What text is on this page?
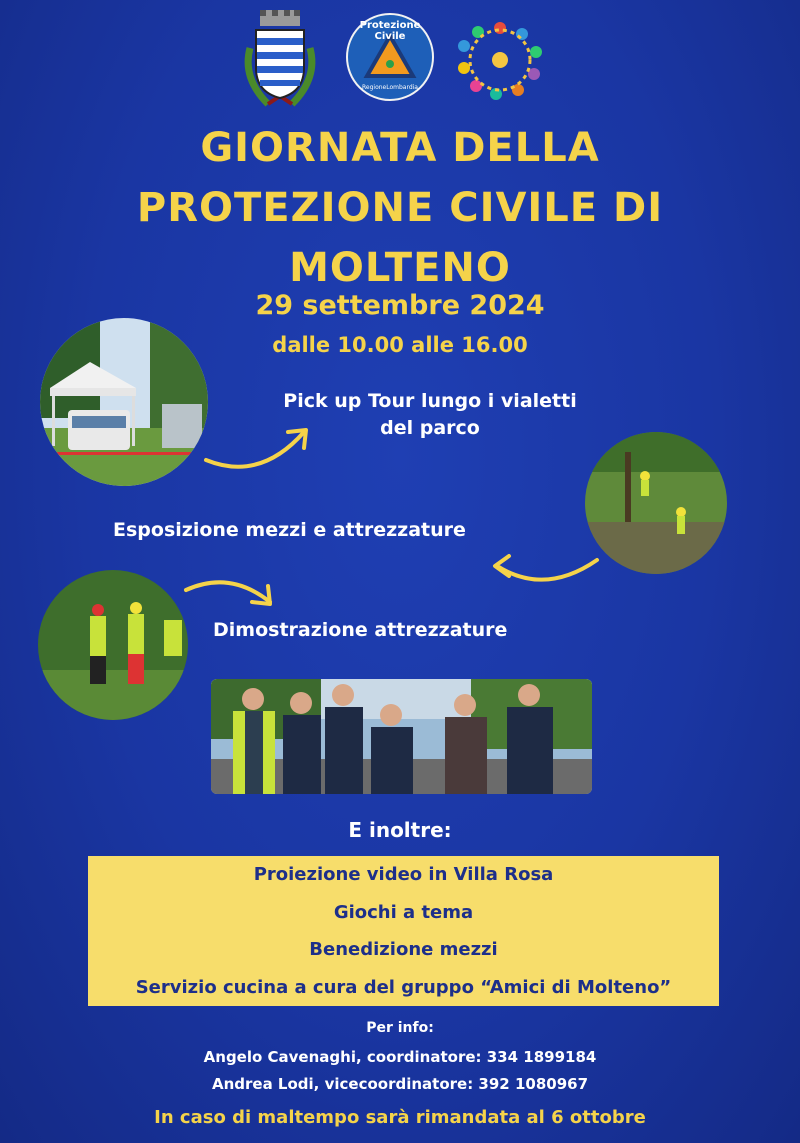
Protezione Civile
RegioneLombardia
GIORNATA DELLA
PROTEZIONE CIVILE DI
MOLTENO
29 settembre 2024
dalle 10.00 alle 16.00
Pick up Tour lungo i vialetti
del parco
Esposizione mezzi e attrezzature
Dimostrazione attrezzature
E inoltre:
Proiezione video in Villa Rosa
Giochi a tema
Benedizione mezzi
Servizio cucina a cura del gruppo “Amici di Molteno”
Per info:
Angelo Cavenaghi, coordinatore: 334 1899184
Andrea Lodi, vicecoordinatore: 392 1080967
In caso di maltempo sarà rimandata al 6 ottobre
